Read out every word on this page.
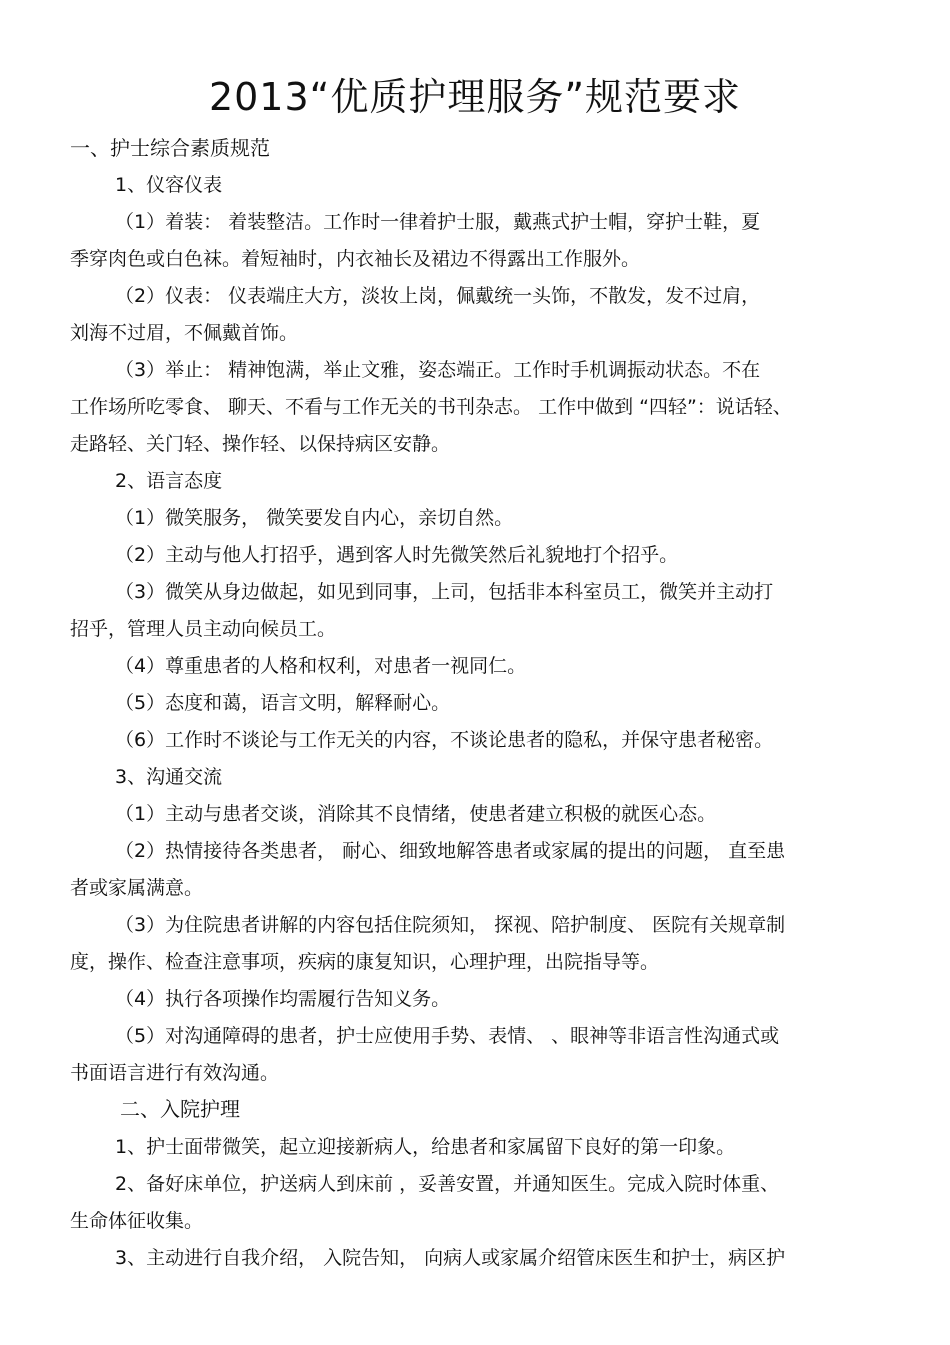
2013“优质护理服务”规范要求
一、护士综合素质规范
1、仪容仪表
（1）着装： 着装整洁。工作时一律着护士服，戴燕式护士帽，穿护士鞋，夏
季穿肉色或白色袜。着短袖时，内衣袖长及裙边不得露出工作服外。
（2）仪表： 仪表端庄大方，淡妆上岗，佩戴统一头饰，不散发，发不过肩，
刘海不过眉，不佩戴首饰。
（3）举止： 精神饱满，举止文雅，姿态端正。工作时手机调振动状态。不在
工作场所吃零食、 聊天、不看与工作无关的书刊杂志。 工作中做到 “四轻”：说话轻、
走路轻、关门轻、操作轻、以保持病区安静。
2、语言态度
（1）微笑服务， 微笑要发自内心，亲切自然。
（2）主动与他人打招乎，遇到客人时先微笑然后礼貌地打个招乎。
（3）微笑从身边做起，如见到同事，上司，包括非本科室员工，微笑并主动打
招乎，管理人员主动向候员工。
（4）尊重患者的人格和权利，对患者一视同仁。
（5）态度和蔼，语言文明，解释耐心。
（6）工作时不谈论与工作无关的内容，不谈论患者的隐私，并保守患者秘密。
3、沟通交流
（1）主动与患者交谈，消除其不良情绪，使患者建立积极的就医心态。
（2）热情接待各类患者， 耐心、细致地解答患者或家属的提出的问题， 直至患
者或家属满意。
（3）为住院患者讲解的内容包括住院须知， 探视、陪护制度、 医院有关规章制
度，操作、检查注意事项，疾病的康复知识，心理护理，出院指导等。
（4）执行各项操作均需履行告知义务。
（5）对沟通障碍的患者，护士应使用手势、表情、 、眼神等非语言性沟通式或
书面语言进行有效沟通。
二、入院护理
1、护士面带微笑，起立迎接新病人，给患者和家属留下良好的第一印象。
2、备好床单位，护送病人到床前 ，妥善安置，并通知医生。完成入院时体重、
生命体征收集。
3、主动进行自我介绍， 入院告知， 向病人或家属介绍管床医生和护士，病区护
